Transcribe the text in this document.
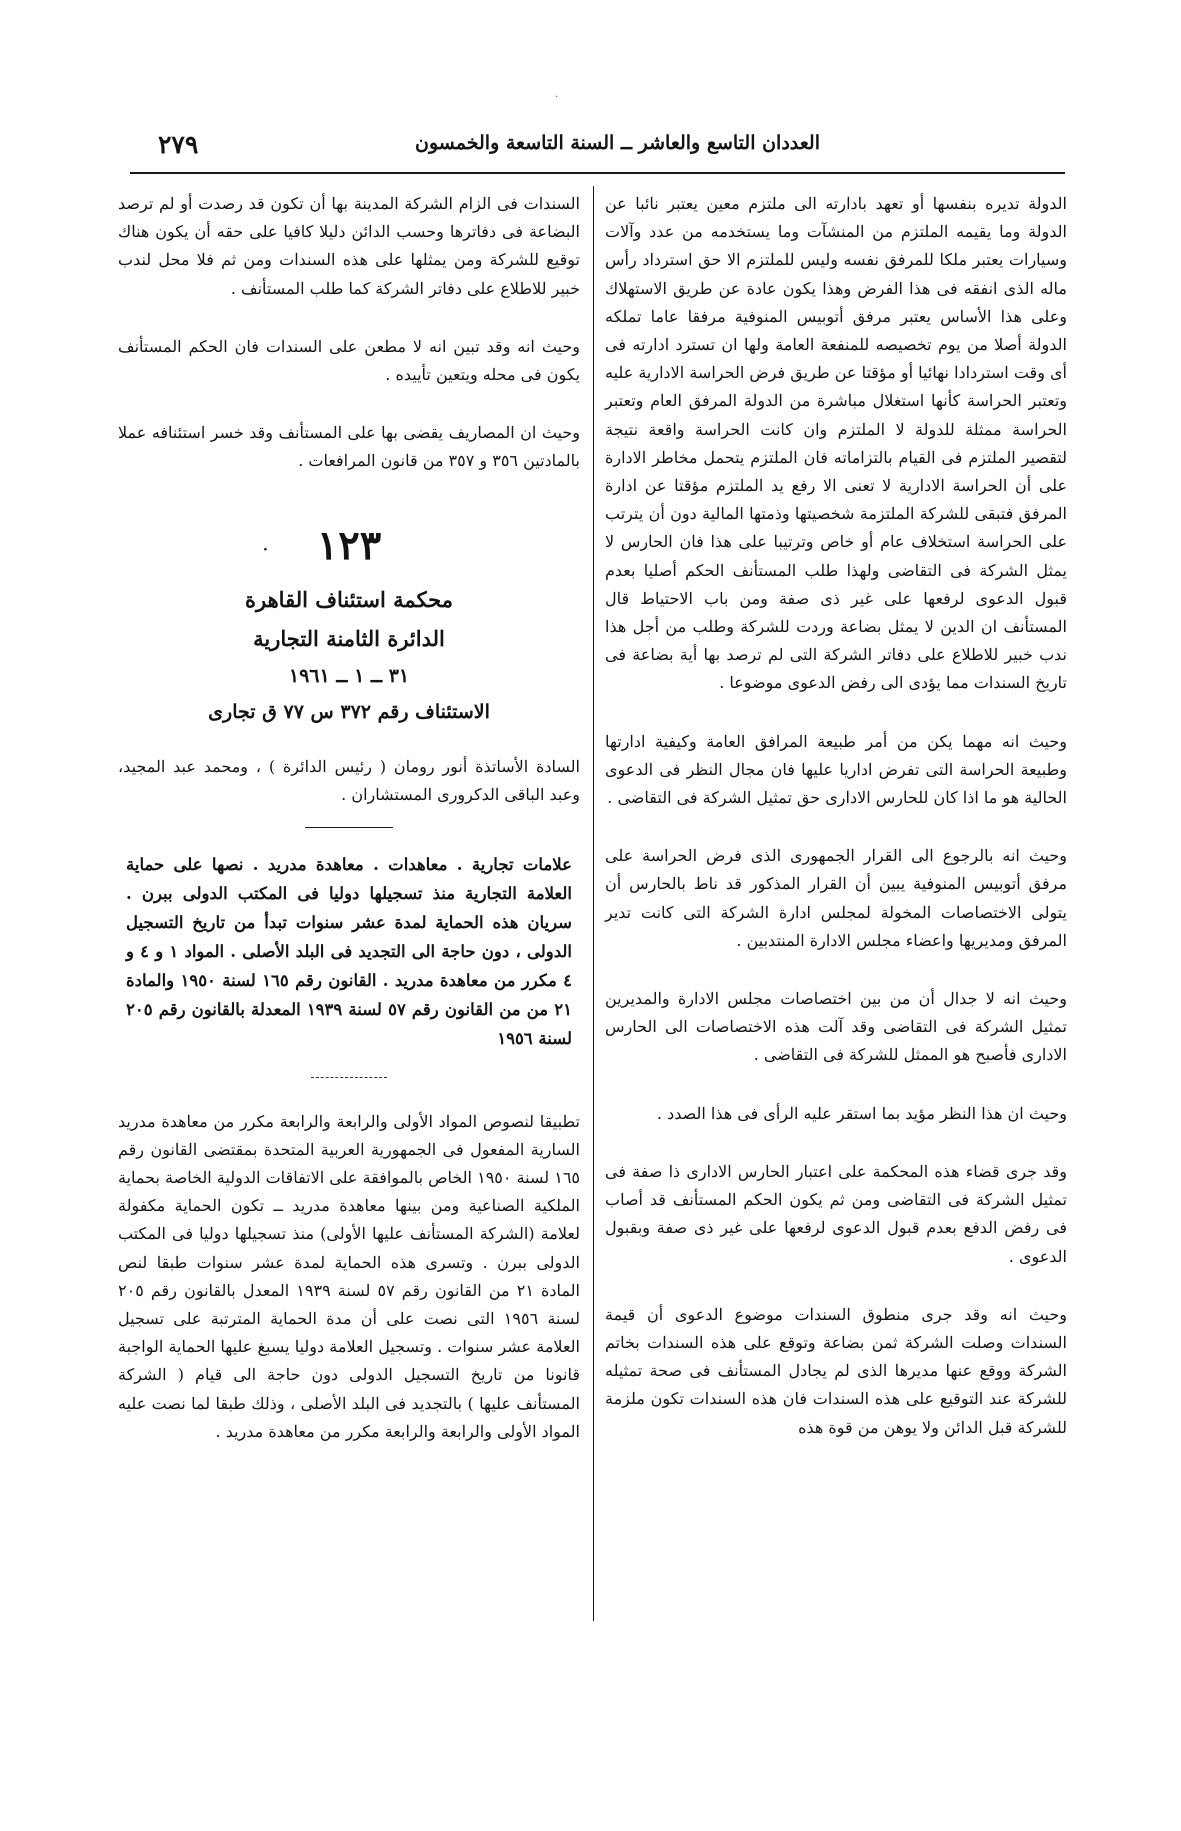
العددان التاسع والعاشر ــ السنة التاسعة والخمسون
٢٧٩
·

الدولة تديره بنفسها أو تعهد بادارته الى ملتزم معين يعتبر نائبا عن الدولة وما يقيمه الملتزم من المنشآت وما يستخدمه من عدد وآلات وسيارات يعتبر ملكا للمرفق نفسه وليس للملتزم الا حق استرداد رأس ماله الذى انفقه فى هذا الفرض وهذا يكون عادة عن طريق الاستهلاك وعلى هذا الأساس يعتبر مرفق أتوبيس المنوفية مرفقا عاما تملكه الدولة أصلا من يوم تخصيصه للمنفعة العامة ولها ان تسترد ادارته فى أى وقت استردادا نهائيا أو مؤقتا عن طريق فرض الحراسة الادارية عليه وتعتبر الحراسة كأنها استغلال مباشرة من الدولة المرفق العام وتعتبر الحراسة ممثلة للدولة لا الملتزم وان كانت الحراسة واقعة نتيجة لتقصير الملتزم فى القيام بالتزاماته فان الملتزم يتحمل مخاطر الادارة على أن الحراسة الادارية لا تعنى الا رفع يد الملتزم مؤقتا عن ادارة المرفق فتبقى للشركة الملتزمة شخصيتها وذمتها المالية دون أن يترتب على الحراسة استخلاف عام أو خاص وترتيبا على هذا فان الحارس لا يمثل الشركة فى التقاضى ولهذا طلب المستأنف الحكم أصليا بعدم قبول الدعوى لرفعها على غير ذى صفة ومن باب الاحتياط قال المستأنف ان الدين لا يمثل بضاعة وردت للشركة وطلب من أجل هذا ندب خبير للاطلاع على دفاتر الشركة التى لم ترصد بها أية بضاعة فى تاريخ السندات مما يؤدى الى رفض الدعوى موضوعا .

وحيث انه مهما يكن من أمر طبيعة المرافق العامة وكيفية ادارتها وطبيعة الحراسة التى تفرض اداريا عليها فان مجال النظر فى الدعوى الحالية هو ما اذا كان للحارس الادارى حق تمثيل الشركة فى التقاضى .

وحيث انه بالرجوع الى القرار الجمهورى الذى فرض الحراسة على مرفق أتوبيس المنوفية يبين أن القرار المذكور قد ناط بالحارس أن يتولى الاختصاصات المخولة لمجلس ادارة الشركة التى كانت تدير المرفق ومديريها واعضاء مجلس الادارة المنتدبين .

وحيث انه لا جدال أن من بين اختصاصات مجلس الادارة والمديرين تمثيل الشركة فى التقاضى وقد آلت هذه الاختصاصات الى الحارس الادارى فأصبح هو الممثل للشركة فى التقاضى .

وحيث ان هذا النظر مؤيد بما استقر عليه الرأى فى هذا الصدد .

وقد جرى قضاء هذه المحكمة على اعتبار الحارس الادارى ذا صفة فى تمثيل الشركة فى التقاضى ومن ثم يكون الحكم المستأنف قد أصاب فى رفض الدفع بعدم قبول الدعوى لرفعها على غير ذى صفة وبقبول الدعوى .

وحيث انه وقد جرى منطوق السندات موضوع الدعوى أن قيمة السندات وصلت الشركة ثمن بضاعة وتوقع على هذه السندات بخاتم الشركة ووقع عنها مديرها الذى لم يجادل المستأنف فى صحة تمثيله للشركة عند التوقيع على هذه السندات فان هذه السندات تكون ملزمة للشركة قبل الدائن ولا يوهن من قوة هذه

السندات فى الزام الشركة المدينة بها أن تكون قد رصدت أو لم ترصد البضاعة فى دفاترها وحسب الدائن دليلا كافيا على حقه أن يكون هناك توقيع للشركة ومن يمثلها على هذه السندات ومن ثم فلا محل لندب خبير للاطلاع على دفاتر الشركة كما طلب المستأنف .

وحيث انه وقد تبين انه لا مطعن على السندات فان الحكم المستأنف يكون فى محله ويتعين تأييده .

وحيث ان المصاريف يقضى بها على المستأنف وقد خسر استئنافه عملا بالمادتين ٣٥٦ و ٣٥٧ من قانون المرافعات .

١٢٣
·
محكمة استئناف القاهرة
الدائرة الثامنة التجارية
٣١ ــ ١ ــ ١٩٦١
الاستئناف رقم ٣٧٢ س ٧٧ ق تجارى

السادة الأساتذة أنور رومان ( رئيس الدائرة ) ، ومحمد عبد المجيد، وعبد الباقى الدكرورى المستشاران .

علامات تجارية . معاهدات . معاهدة مدريد . نصها على حماية العلامة التجارية منذ تسجيلها دوليا فى المكتب الدولى ببرن . سريان هذه الحماية لمدة عشر سنوات تبدأ من تاريخ التسجيل الدولى ، دون حاجة الى التجديد فى البلد الأصلى . المواد ١ و ٤ و ٤ مكرر من معاهدة مدريد . القانون رقم ١٦٥ لسنة ١٩٥٠ والمادة ٢١ من من القانون رقم ٥٧ لسنة ١٩٣٩ المعدلة بالقانون رقم ٢٠٥ لسنة ١٩٥٦

تطبيقا لنصوص المواد الأولى والرابعة والرابعة مكرر من معاهدة مدريد السارية المفعول فى الجمهورية العربية المتحدة بمقتضى القانون رقم ١٦٥ لسنة ١٩٥٠ الخاص بالموافقة على الاتفاقات الدولية الخاصة بحماية الملكية الصناعية ومن بينها معاهدة مدريد ــ تكون الحماية مكفولة لعلامة (الشركة المستأنف عليها الأولى) منذ تسجيلها دوليا فى المكتب الدولى ببرن . وتسرى هذه الحماية لمدة عشر سنوات طبقا لنص المادة ٢١ من القانون رقم ٥٧ لسنة ١٩٣٩ المعدل بالقانون رقم ٢٠٥ لسنة ١٩٥٦ التى نصت على أن مدة الحماية المترتبة على تسجيل العلامة عشر سنوات . وتسجيل العلامة دوليا يسبغ عليها الحماية الواجبة قانونا من تاريخ التسجيل الدولى دون حاجة الى قيام ( الشركة المستأنف عليها ) بالتجديد فى البلد الأصلى ، وذلك طبقا لما نصت عليه المواد الأولى والرابعة والرابعة مكرر من معاهدة مدريد .
